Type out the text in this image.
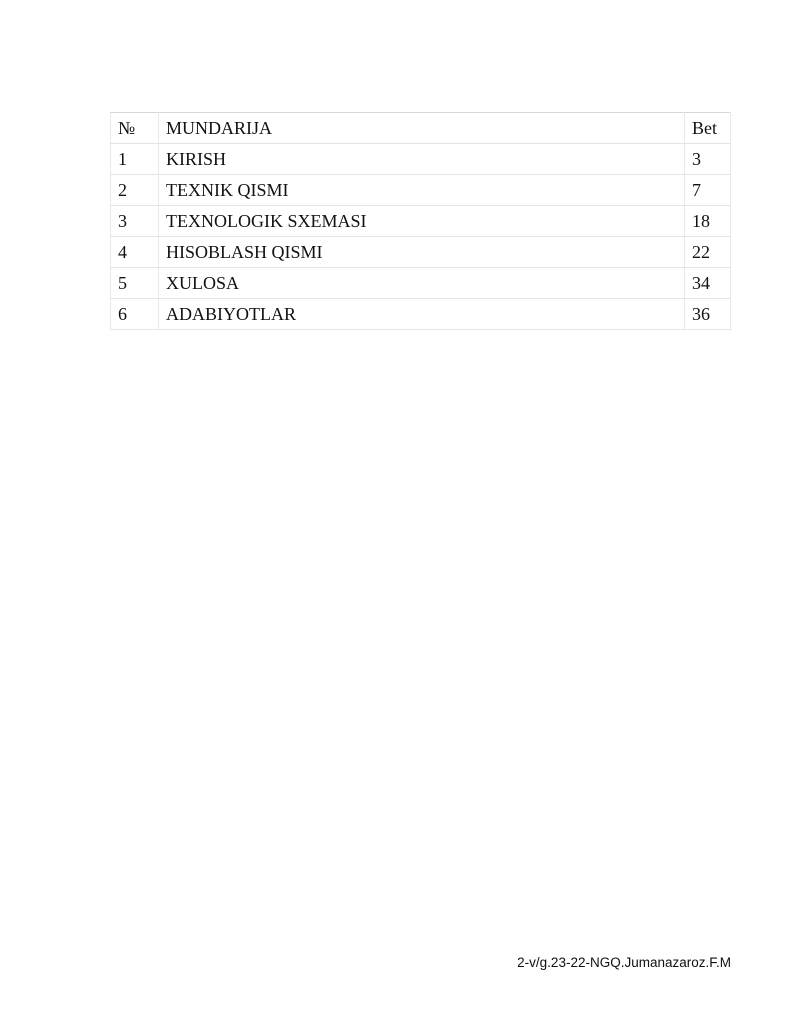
№	MUNDARIJA	Bet
1	KIRISH	3
2	TEXNIK QISMI	7
3	TEXNOLOGIK SXEMASI	18
4	HISOBLASH QISMI	22
5	XULOSA	34
6	ADABIYOTLAR	36
2-v/g.23-22-NGQ.Jumanazaroz.F.M
